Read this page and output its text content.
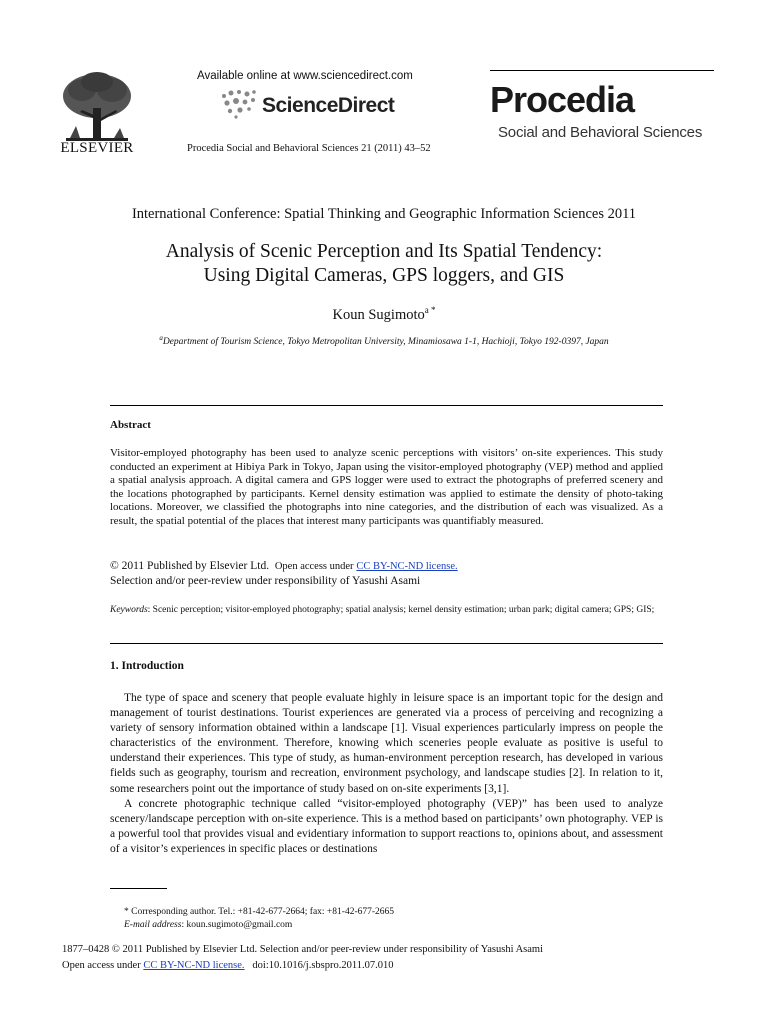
ELSEVIER
Available online at www.sciencedirect.com
ScienceDirect
Procedia Social and Behavioral Sciences 21 (2011) 43–52
Procedia
Social and Behavioral Sciences
International Conference: Spatial Thinking and Geographic Information Sciences 2011
Analysis of Scenic Perception and Its Spatial Tendency:
Using Digital Cameras, GPS loggers, and GIS
Koun Sugimoto$^{a *}$
$^a$Department of Tourism Science, Tokyo Metropolitan University, Minamiosawa 1-1, Hachioji, Tokyo 192-0397, Japan
Abstract
Visitor-employed photography has been used to analyze scenic perceptions with visitors’ on-site experiences. This study conducted an experiment at Hibiya Park in Tokyo, Japan using the visitor-employed photography (VEP) method and applied a spatial analysis approach. A digital camera and GPS logger were used to extract the photographs of preferred scenery and the locations photographed by participants. Kernel density estimation was applied to estimate the density of photo-taking locations. Moreover, we classified the photographs into nine categories, and the distribution of each was visualized. As a result, the spatial potential of the places that interest many participants was quantifiably measured.
© 2011 Published by Elsevier Ltd. Open access under CC BY-NC-ND license.
Selection and/or peer-review under responsibility of Yasushi Asami
Keywords: Scenic perception; visitor-employed photography; spatial analysis; kernel density estimation; urban park; digital camera; GPS; GIS;
1. Introduction

The type of space and scenery that people evaluate highly in leisure space is an important topic for the design and management of tourist destinations. Tourist experiences are generated via a process of perceiving and recognizing a variety of sensory information obtained within a landscape [1]. Visual experiences particularly impress on people the characteristics of the environment. Therefore, knowing which sceneries people evaluate as positive is useful to understand their experiences. This type of study, as human-environment perception research, has developed in various fields such as geography, tourism and recreation, environment psychology, and landscape studies [2]. In relation to it, some researchers point out the importance of study based on on-site experiments [3,1].

A concrete photographic technique called “visitor-employed photography (VEP)” has been used to analyze scenery/landscape perception with on-site experience. This is a method based on participants’ own photography. VEP is a powerful tool that provides visual and evidentiary information to support reactions to, opinions about, and assessment of a visitor’s experiences in specific places or destinations

* Corresponding author. Tel.: +81-42-677-2664; fax: +81-42-677-2665
E-mail address: koun.sugimoto@gmail.com
1877–0428 © 2011 Published by Elsevier Ltd. Selection and/or peer-review under responsibility of Yasushi Asami
Open access under CC BY-NC-ND license. doi:10.1016/j.sbspro.2011.07.010
